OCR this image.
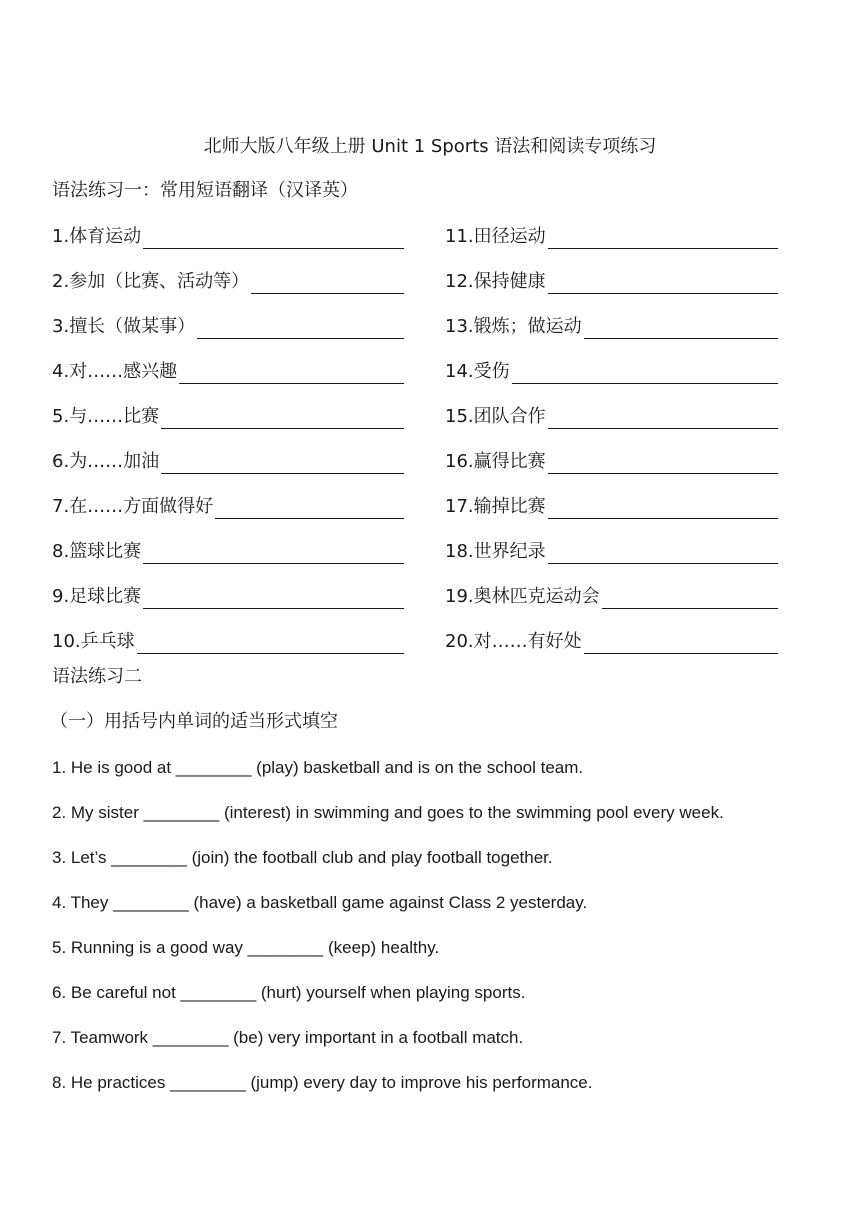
北师大版八年级上册 Unit 1 Sports 语法和阅读专项练习
语法练习一：常用短语翻译（汉译英）
1. 体育运动	11. 田径运动
2. 参加（比赛、活动等）	12. 保持健康
3. 擅长（做某事）	13. 锻炼；做运动
4. 对……感兴趣	14. 受伤
5. 与……比赛	15. 团队合作
6. 为……加油	16. 赢得比赛
7. 在……方面做得好	17. 输掉比赛
8. 篮球比赛	18. 世界纪录
9. 足球比赛	19. 奥林匹克运动会
10. 乒乓球	20. 对……有好处
语法练习二
（一）用括号内单词的适当形式填空
1. He is good at ________ (play) basketball and is on the school team.
2. My sister ________ (interest) in swimming and goes to the swimming pool every week.
3. Let’s ________ (join) the football club and play football together.
4. They ________ (have) a basketball game against Class 2 yesterday.
5. Running is a good way ________ (keep) healthy.
6. Be careful not ________ (hurt) yourself when playing sports.
7. Teamwork ________ (be) very important in a football match.
8. He practices ________ (jump) every day to improve his performance.
